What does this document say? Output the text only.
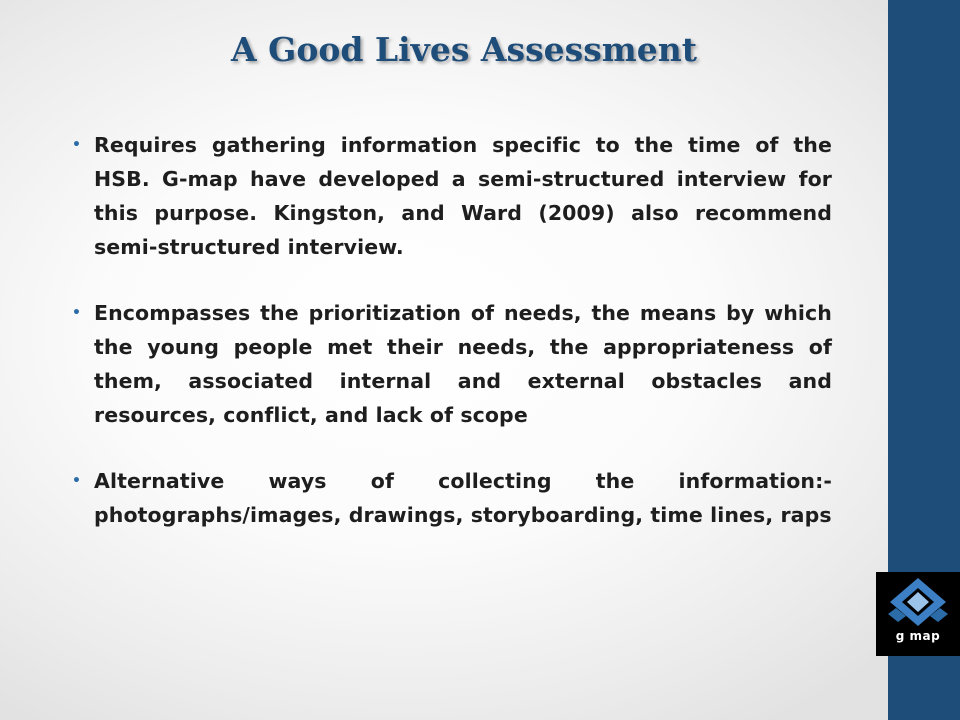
A Good Lives Assessment
• Requires gathering information specific to the time of the HSB. G-map have developed a semi-structured interview for this purpose. Kingston, and Ward (2009) also recommend semi-structured interview.
• Encompasses the prioritization of needs, the means by which the young people met their needs, the appropriateness of them, associated internal and external obstacles and resources, conflict, and lack of scope
• Alternative ways of collecting the information:- photographs/images, drawings, storyboarding, time lines, raps
g map
